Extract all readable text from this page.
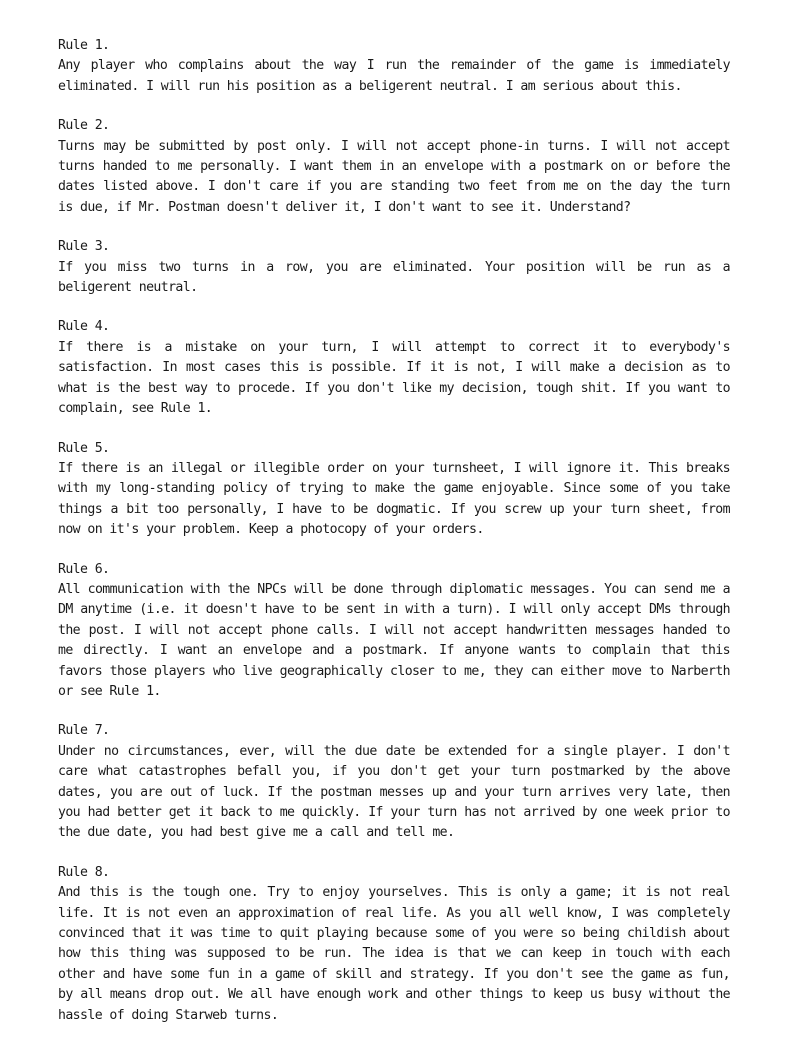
Rule 1.
Any player who complains about the way I run the remainder of the game is immediately eliminated. I will run his position as a beligerent neutral. I am serious about this.
Rule 2.
Turns may be submitted by post only. I will not accept phone-in turns. I will not accept turns handed to me personally. I want them in an envelope with a postmark on or before the dates listed above. I don't care if you are standing two feet from me on the day the turn is due, if Mr. Postman doesn't deliver it, I don't want to see it. Understand?
Rule 3.
If you miss two turns in a row, you are eliminated. Your position will be run as a beligerent neutral.
Rule 4.
If there is a mistake on your turn, I will attempt to correct it to everybody's satisfaction. In most cases this is possible. If it is not, I will make a decision as to what is the best way to procede. If you don't like my decision, tough shit. If you want to complain, see Rule 1.
Rule 5.
If there is an illegal or illegible order on your turnsheet, I will ignore it. This breaks with my long-standing policy of trying to make the game enjoyable. Since some of you take things a bit too personally, I have to be dogmatic. If you screw up your turn sheet, from now on it's your problem. Keep a photocopy of your orders.
Rule 6.
All communication with the NPCs will be done through diplomatic messages. You can send me a DM anytime (i.e. it doesn't have to be sent in with a turn). I will only accept DMs through the post. I will not accept phone calls. I will not accept handwritten messages handed to me directly. I want an envelope and a postmark. If anyone wants to complain that this favors those players who live geographically closer to me, they can either move to Narberth or see Rule 1.
Rule 7.
Under no circumstances, ever, will the due date be extended for a single player. I don't care what catastrophes befall you, if you don't get your turn postmarked by the above dates, you are out of luck. If the postman messes up and your turn arrives very late, then you had better get it back to me quickly. If your turn has not arrived by one week prior to the due date, you had best give me a call and tell me.
Rule 8.
And this is the tough one. Try to enjoy yourselves. This is only a game; it is not real life. It is not even an approximation of real life. As you all well know, I was completely convinced that it was time to quit playing because some of you were so being childish about how this thing was supposed to be run. The idea is that we can keep in touch with each other and have some fun in a game of skill and strategy. If you don't see the game as fun, by all means drop out. We all have enough work and other things to keep us busy without the hassle of doing Starweb turns.
